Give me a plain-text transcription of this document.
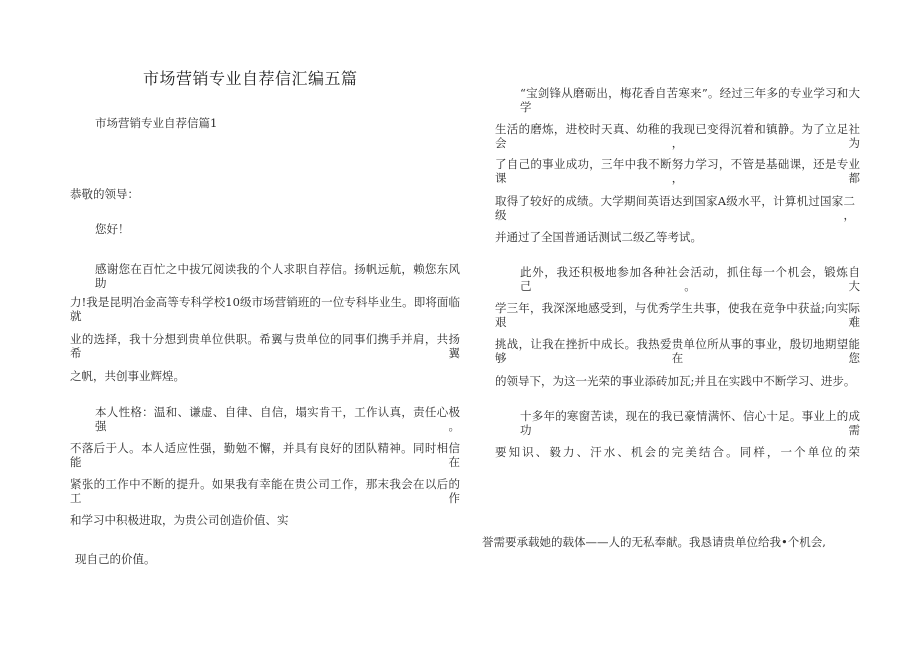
市场营销专业自荐信汇编五篇
市场营销专业自荐信篇1
恭敬的领导：
您好！
感谢您在百忙之中拔冗阅读我的个人求职自荐信。扬帆远航，赖您东风助
力!我是昆明冶金高等专科学校10级市场营销班的一位专科毕业生。即将面临就
业的选择，我十分想到贵单位供职。希翼与贵单位的同事们携手并肩，共扬希翼
之帆，共创事业辉煌。
本人性格：温和、谦虚、自律、自信，塌实肯干，工作认真，责任心极强。
不落后于人。本人适应性强，勤勉不懈，并具有良好的团队精神。同时相信能在
紧张的工作中不断的提升。如果我有幸能在贵公司工作，那末我会在以后的工作
和学习中积极进取，为贵公司创造价值、实
现自己的价值。
“宝剑锋从磨砺出，梅花香自苦寒来”。经过三年多的专业学习和大学
生活的磨炼，进校时天真、幼稚的我现已变得沉着和镇静。为了立足社会，为
了自己的事业成功，三年中我不断努力学习，不管是基础课，还是专业课，都
取得了较好的成绩。大学期间英语达到国家A级水平，计算机过国家二级，
并通过了全国普通话测试二级乙等考试。
此外，我还积极地参加各种社会活动，抓住每一个机会，锻炼自己。大
学三年，我深深地感受到，与优秀学生共事，使我在竞争中获益;向实际艰难
挑战，让我在挫折中成长。我热爱贵单位所从事的事业，殷切地期望能够在您
的领导下，为这一光荣的事业添砖加瓦;并且在实践中不断学习、进步。
十多年的寒窗苦读，现在的我已豪情满怀、信心十足。事业上的成功需
要知识、毅力、汗水、机会的完美结合。同样，一个单位的荣
誉需要承载她的载体——人的无私奉献。我恳请贵单位给我•个机会,
